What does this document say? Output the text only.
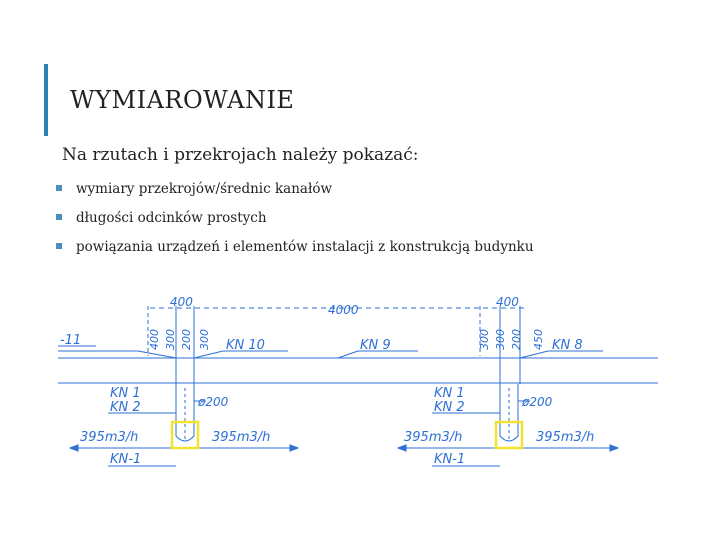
WYMIAROWANIE
Na rzutach i przekrojach należy pokazać:
wymiary przekrojów/średnic kanałów
długości odcinków prostych
powiązania urządzeń i elementów instalacji z konstrukcją budynku
400
4000
400
400 300 200 300	300 300 200 450
-11	KN 10	KN 9	KN 8
KN 1
KN 2
KN 1
KN 2
ø200	ø200
395m3/h	395m3/h	395m3/h	395m3/h
KN-1	KN-1
